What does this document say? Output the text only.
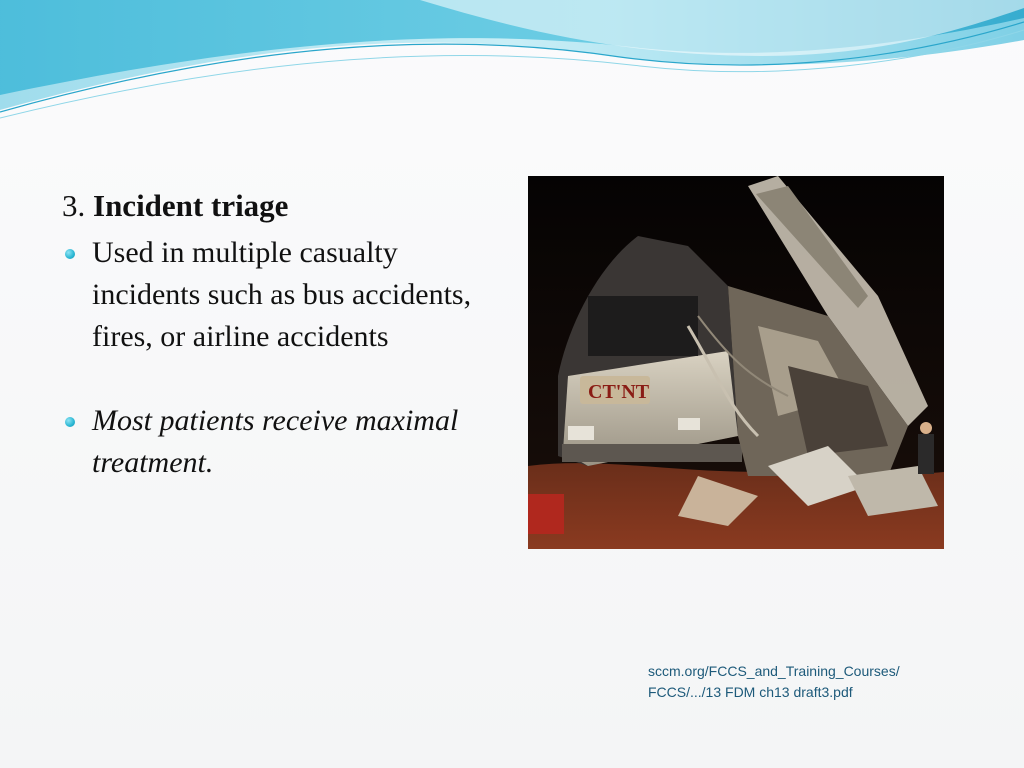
3. Incident triage
Used in multiple casualty incidents such as bus accidents, fires, or airline accidents
Most patients receive maximal treatment.
CT'NT
sccm.org/FCCS_and_Training_Courses/
FCCS/.../13 FDM ch13 draft3.pdf
